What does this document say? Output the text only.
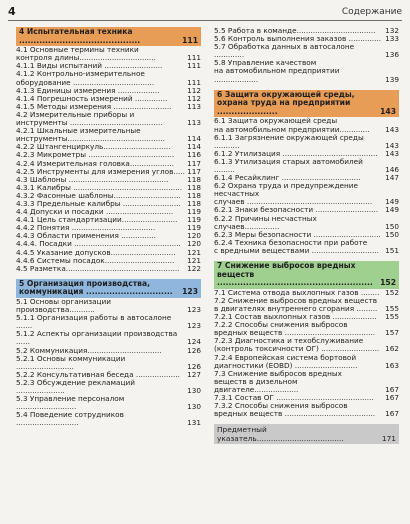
4	Содержание
4 Испытательная техника ..........................................	111
4.1 Основные термины техники
контроля длины.................................	111
4.1.1 Виды испытаний .........................	111
4.1.2 Контрольно-измерительное
оборудование ...................................	111
4.1.3 Единицы измерения ..................	112
4.1.4 Погрешность измерений ..............	112
4.1.5 Методы измерения .........................	113
4.2 Измерительные приборы и
инструменты ........................................	113
4.2.1 Шкальные измерительные
инструменты..........................................	114
4.2.2 Штангенциркуль.............................	114
4.2.3 Микрометры .....................................	116
4.2.4 Измерительная головка...................	117
4.2.5 Инструменты для измерения углов..... 117
4.3 Шаблоны ...........................................	118
4.3.1 Калибры ............................................... 118
4.3.2 Фасонные шаблоны............................. 118
4.3.3 Предельные калибры ......................... 118
4.4 Допуски и посадки .............................	119
4.4.1 Цель стандартизации........................	119
4.4.2 Понятия ....................................	119
4.4.3 Области применения ...............	120
4.4.4. Посадки .............................................. 120
4.4.5 Указание допусков............................	121
4.4.6 Системы посадок..............................	121
4.5 Разметка.................................................	122
5 Организация производства,
коммуникация ..............................	123
5.1 Основы организации производства...........	123
5.1.1 Организация работы в автосалоне .......	123
5.1.2 Аспекты организации производства ......	124
5.2 Коммуникация................................	126
5.2.1 Основы коммуникации .........................	126
5.2.2 Консультативная беседа ................... 127
5.2.3 Обсуждение рекламаций .....................	130
5.3 Управление персоналом ..........................	130
5.4 Поведение сотрудников ...........................	131
5.5 Работа в команде..................................	132
5.6 Контроль выполнения заказов .............. 133
5.7 Обработка данных в автосалоне .............	136
5.8 Управление качеством
на автомобильном предприятии ...................	139
6 Защита окружающей среды,
охрана труда на предприятии .....................	143
6.1 Защита окружающей среды
на автомобильном предприятии.............	143
6.1.1 Загрязнение окружающей среды ...........	143
6.1.2 Утилизация .........................................	143
6.1.3 Утилизация старых автомобилей .........	146
6.1.4 Ресайклинг ..................................	147
6.2 Охрана труда и предупреждение несчастных
случаев ......................................................	149
6.2.1 Знаки безопасности ........................... 149
6.2.2 Причины несчастных случаев...............	150
6.2.3 Меры безопасности ............................. 150
6.2.4 Техника безопасности при работе
с вредными веществами ............................. 151
7 Снижение выбросов вредных
веществ ...................................................... 152
7.1 Система отвода выхлопных газов ........ 152
7.2 Снижение выбросов вредных веществ
в двигателях внутреннего сгорания .........	155
7.2.1 Состав выхлопных газов ...................	155
7.2.2 Способы снижения выбросов
вредных веществ .......................................	157
7.2.3 Диагностика и техобслуживание
(контроль токсичности ОГ) ......................... 162
7.2.4 Европейская система бортовой
диагностики (EOBD) ...........................	163
7.3 Снижение выбросов вредных
веществ в дизельном двигателе...................	167
7.3.1 Состав ОГ ..........................................	167
7.3.2 Способы снижения выбросов
вредных веществ .......................................	167
Предметный указатель.....................................	171
